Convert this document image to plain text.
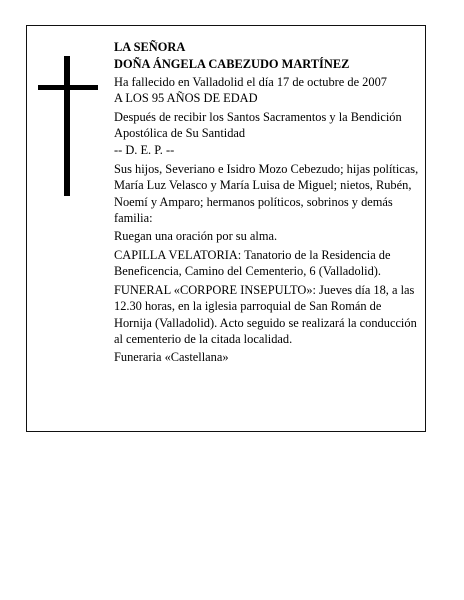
LA SEÑORA

DOÑA ÁNGELA CABEZUDO MARTÍNEZ

Ha fallecido en Valladolid el día 17 de octubre de 2007

A LOS 95 AÑOS DE EDAD

Después de recibir los Santos Sacramentos y la Bendición Apostólica de Su Santidad

-- D. E. P. --

Sus hijos, Severiano e Isidro Mozo Cebezudo; hijas políticas, María Luz Velasco y María Luisa de Miguel; nietos, Rubén, Noemí y Amparo; hermanos políticos, sobrinos y demás familia:

Ruegan una oración por su alma.

CAPILLA VELATORIA: Tanatorio de la Residencia de Beneficencia, Camino del Cementerio, 6 (Valladolid).

FUNERAL «CORPORE INSEPULTO»: Jueves día 18, a las 12.30 horas, en la iglesia parroquial de San Román de Hornija (Valladolid). Acto seguido se realizará la conducción al cementerio de la citada localidad.

Funeraria «Castellana»
